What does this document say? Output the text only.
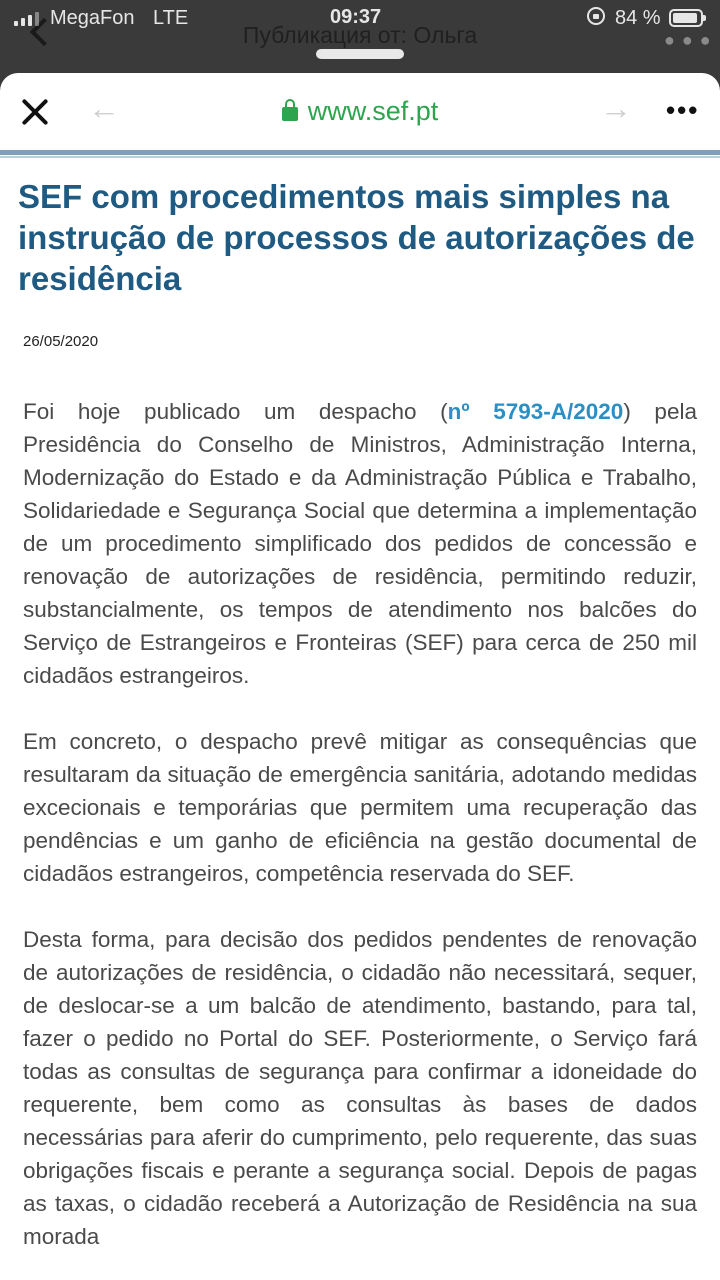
Публикация от: Ольга	● ● ●
MegaFon LTE	09:37	84 %
←	www.sef.pt	→ •••
SEF com procedimentos mais simples na instrução de processos de autorizações de residência
26/05/2020

Foi hoje publicado um despacho (nº 5793-A/2020) pela Presidência do Conselho de Ministros, Administração Interna, Modernização do Estado e da Administração Pública e Trabalho, Solidariedade e Segurança Social que determina a implementação de um procedimento simplificado dos pedidos de concessão e renovação de autorizações de residência, permitindo reduzir, substancialmente, os tempos de atendimento nos balcões do Serviço de Estrangeiros e Fronteiras (SEF) para cerca de 250 mil cidadãos estrangeiros.

Em concreto, o despacho prevê mitigar as consequências que resultaram da situação de emergência sanitária, adotando medidas excecionais e temporárias que permitem uma recuperação das pendências e um ganho de eficiência na gestão documental de cidadãos estrangeiros, competência reservada do SEF.

Desta forma, para decisão dos pedidos pendentes de renovação de autorizações de residência, o cidadão não necessitará, sequer, de deslocar-se a um balcão de atendimento, bastando, para tal, fazer o pedido no Portal do SEF. Posteriormente, o Serviço fará todas as consultas de segurança para confirmar a idoneidade do requerente, bem como as consultas às bases de dados necessárias para aferir do cumprimento, pelo requerente, das suas obrigações fiscais e perante a segurança social. Depois de pagas as taxas, o cidadão receberá a Autorização de Residência na sua morada
